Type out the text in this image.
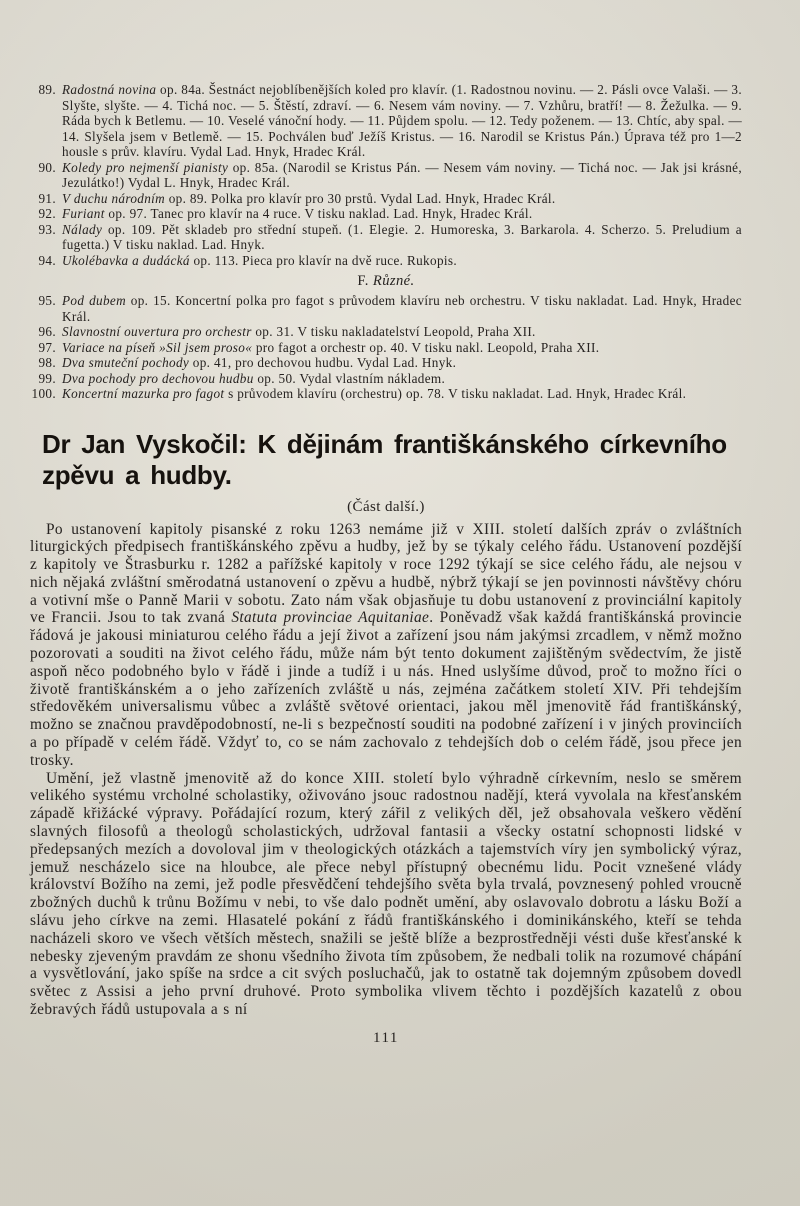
89. Radostná novina op. 84a. Šestnáct nejoblíbenějších koled pro klavír. (1. Radostnou novinu. — 2. Pásli ovce Valaši. — 3. Slyšte, slyšte. — 4. Tichá noc. — 5. Štěstí, zdraví. — 6. Nesem vám noviny. — 7. Vzhůru, bratří! — 8. Žežulka. — 9. Ráda bych k Betlemu. — 10. Veselé vánoční hody. — 11. Půjdem spolu. — 12. Tedy poženem. — 13. Chtíc, aby spal. — 14. Slyšela jsem v Betlemě. — 15. Pochválen buď Ježíš Kristus. — 16. Narodil se Kristus Pán.) Úprava též pro 1—2 housle s prův. klavíru. Vydal Lad. Hnyk, Hradec Král.

90. Koledy pro nejmenší pianisty op. 85a. (Narodil se Kristus Pán. — Nesem vám noviny. — Tichá noc. — Jak jsi krásné, Jezulátko!) Vydal L. Hnyk, Hradec Král.

91. V duchu národním op. 89. Polka pro klavír pro 30 prstů. Vydal Lad. Hnyk, Hradec Král.

92. Furiant op. 97. Tanec pro klavír na 4 ruce. V tisku naklad. Lad. Hnyk, Hradec Král.

93. Nálady op. 109. Pět skladeb pro střední stupeň. (1. Elegie. 2. Humoreska, 3. Barkarola. 4. Scherzo. 5. Preludium a fugetta.) V tisku naklad. Lad. Hnyk.

94. Ukolébavka a dudácká op. 113. Pieca pro klavír na dvě ruce. Rukopis.

F. Různé.

95. Pod dubem op. 15. Koncertní polka pro fagot s průvodem klavíru neb orchestru. V tisku nakladat. Lad. Hnyk, Hradec Král.

96. Slavnostní ouvertura pro orchestr op. 31. V tisku nakladatelství Leopold, Praha XII.

97. Variace na píseň »Sil jsem proso« pro fagot a orchestr op. 40. V tisku nakl. Leopold, Praha XII.

98. Dva smuteční pochody op. 41, pro dechovou hudbu. Vydal Lad. Hnyk.

99. Dva pochody pro dechovou hudbu op. 50. Vydal vlastním nákladem.

100. Koncertní mazurka pro fagot s průvodem klavíru (orchestru) op. 78. V tisku nakladat. Lad. Hnyk, Hradec Král.

Dr Jan Vyskočil: K dějinám františkánského církevního
zpěvu a hudby.
(Část další.)

Po ustanovení kapitoly pisanské z roku 1263 nemáme již v XIII. století dalších zpráv o zvláštních liturgických předpisech františkánského zpěvu a hudby, jež by se týkaly celého řádu. Ustanovení pozdější z kapitoly ve Štrasburku r. 1282 a pařížské kapitoly v roce 1292 týkají se sice celého řádu, ale nejsou v nich nějaká zvláštní směrodatná ustanovení o zpěvu a hudbě, nýbrž týkají se jen povinnosti návštěvy chóru a votivní mše o Panně Marii v sobotu. Zato nám však objasňuje tu dobu ustanovení z provinciální kapitoly ve Francii. Jsou to tak zvaná Statuta provinciae Aquitaniae. Poněvadž však každá františkánská provincie řádová je jakousi miniaturou celého řádu a její život a zařízení jsou nám jakýmsi zrcadlem, v němž možno pozorovati a souditi na život celého řádu, může nám být tento dokument zajištěným svědectvím, že jistě aspoň něco podobného bylo v řádě i jinde a tudíž i u nás. Hned uslyšíme důvod, proč to možno říci o životě františkánském a o jeho zařízeních zvláště u nás, zejména začátkem století XIV. Při tehdejším středověkém universalismu vůbec a zvláště světové orientaci, jakou měl jmenovitě řád františkánský, možno se značnou pravděpodobností, ne-li s bezpečností souditi na podobné zařízení i v jiných provinciích a po případě v celém řádě. Vždyť to, co se nám zachovalo z tehdejších dob o celém řádě, jsou přece jen trosky.

Umění, jež vlastně jmenovitě až do konce XIII. století bylo výhradně církevním, neslo se směrem velikého systému vrcholné scholastiky, oživováno jsouc radostnou nadějí, která vyvolala na křesťanském západě křižácké výpravy. Pořádající rozum, který zářil z velikých děl, jež obsahovala veškero vědění slavných filosofů a theologů scholastických, udržoval fantasii a všecky ostatní schopnosti lidské v předepsaných mezích a dovoloval jim v theologických otázkách a tajemstvích víry jen symbolický výraz, jemuž nescházelo sice na hloubce, ale přece nebyl přístupný obecnému lidu. Pocit vznešené vlády království Božího na zemi, jež podle přesvědčení tehdejšího světa byla trvalá, povznesený pohled vroucně zbožných duchů k trůnu Božímu v nebi, to vše dalo podnět umění, aby oslavovalo dobrotu a lásku Boží a slávu jeho církve na zemi. Hlasatelé pokání z řádů františkánského i dominikánského, kteří se tehda nacházeli skoro ve všech větších městech, snažili se ještě blíže a bezprostředněji vésti duše křesťanské k nebesky zjeveným pravdám ze shonu všedního života tím způsobem, že nedbali tolik na rozumové chápání a vysvětlování, jako spíše na srdce a cit svých posluchačů, jak to ostatně tak dojemným způsobem dovedl světec z Assisi a jeho první druhové. Proto symbolika vlivem těchto i pozdějších kazatelů z obou žebravých řádů ustupovala a s ní

111
